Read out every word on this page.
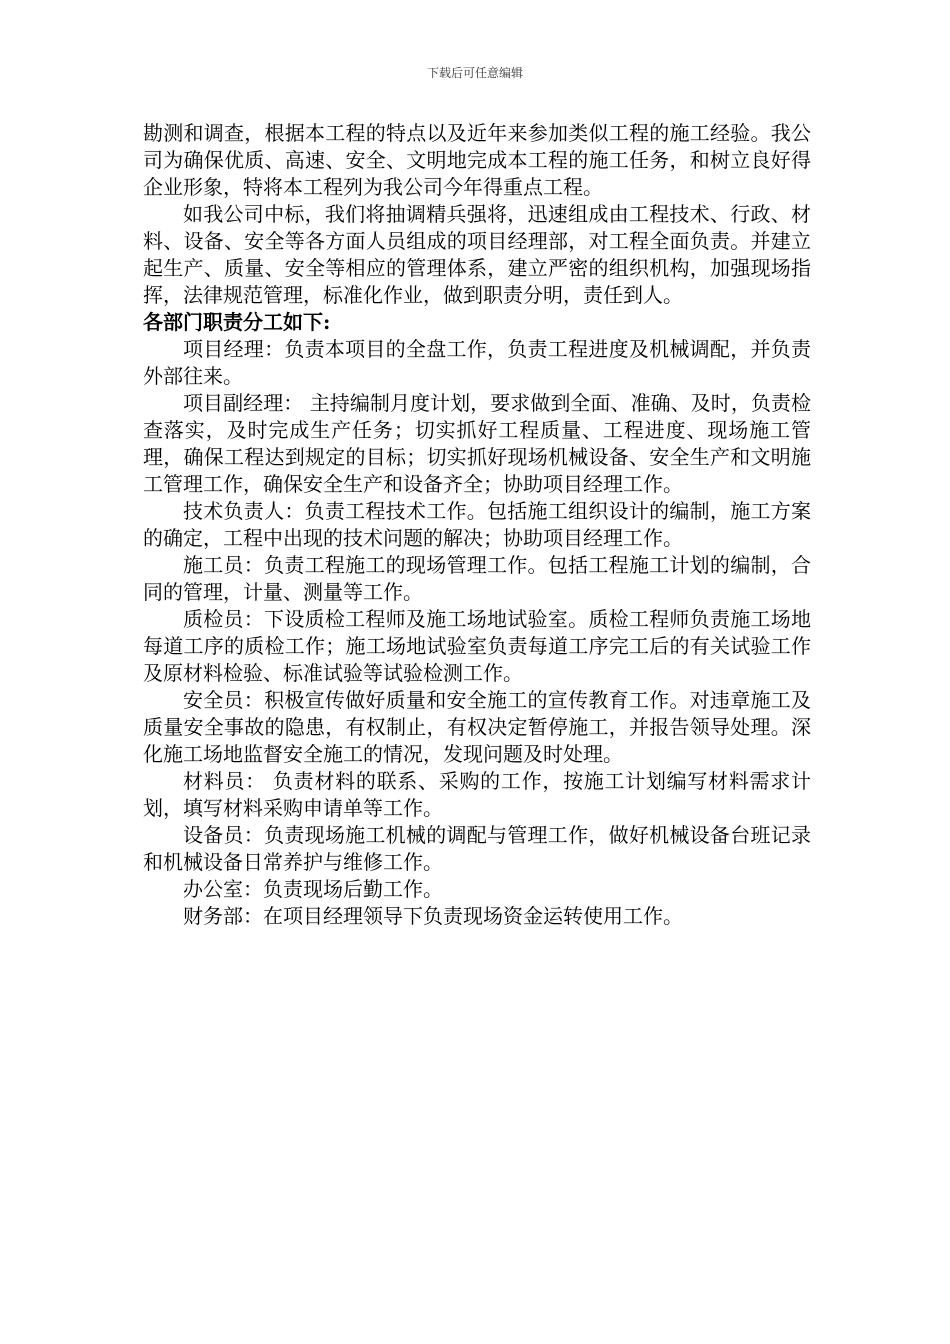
下载后可任意编辑

勘测和调查，根据本工程的特点以及近年来参加类似工程的施工经验。我公司为确保优质、高速、安全、文明地完成本工程的施工任务，和树立良好得企业形象，特将本工程列为我公司今年得重点工程。

如我公司中标，我们将抽调精兵强将，迅速组成由工程技术、行政、材料、设备、安全等各方面人员组成的项目经理部，对工程全面负责。并建立起生产、质量、安全等相应的管理体系，建立严密的组织机构，加强现场指挥，法律规范管理，标准化作业，做到职责分明，责任到人。

各部门职责分工如下:

项目经理：负责本项目的全盘工作，负责工程进度及机械调配，并负责外部往来。

项目副经理： 主持编制月度计划，要求做到全面、准确、及时，负责检查落实，及时完成生产任务；切实抓好工程质量、工程进度、现场施工管理，确保工程达到规定的目标；切实抓好现场机械设备、安全生产和文明施工管理工作，确保安全生产和设备齐全；协助项目经理工作。

技术负责人：负责工程技术工作。包括施工组织设计的编制，施工方案的确定，工程中出现的技术问题的解决；协助项目经理工作。

施工员：负责工程施工的现场管理工作。包括工程施工计划的编制，合同的管理，计量、测量等工作。

质检员：下设质检工程师及施工场地试验室。质检工程师负责施工场地每道工序的质检工作；施工场地试验室负责每道工序完工后的有关试验工作及原材料检验、标准试验等试验检测工作。

安全员：积极宣传做好质量和安全施工的宣传教育工作。对违章施工及质量安全事故的隐患，有权制止，有权决定暂停施工，并报告领导处理。深化施工场地监督安全施工的情况，发现问题及时处理。

材料员： 负责材料的联系、采购的工作，按施工计划编写材料需求计划，填写材料采购申请单等工作。

设备员：负责现场施工机械的调配与管理工作，做好机械设备台班记录和机械设备日常养护与维修工作。

办公室：负责现场后勤工作。

财务部：在项目经理领导下负责现场资金运转使用工作。
